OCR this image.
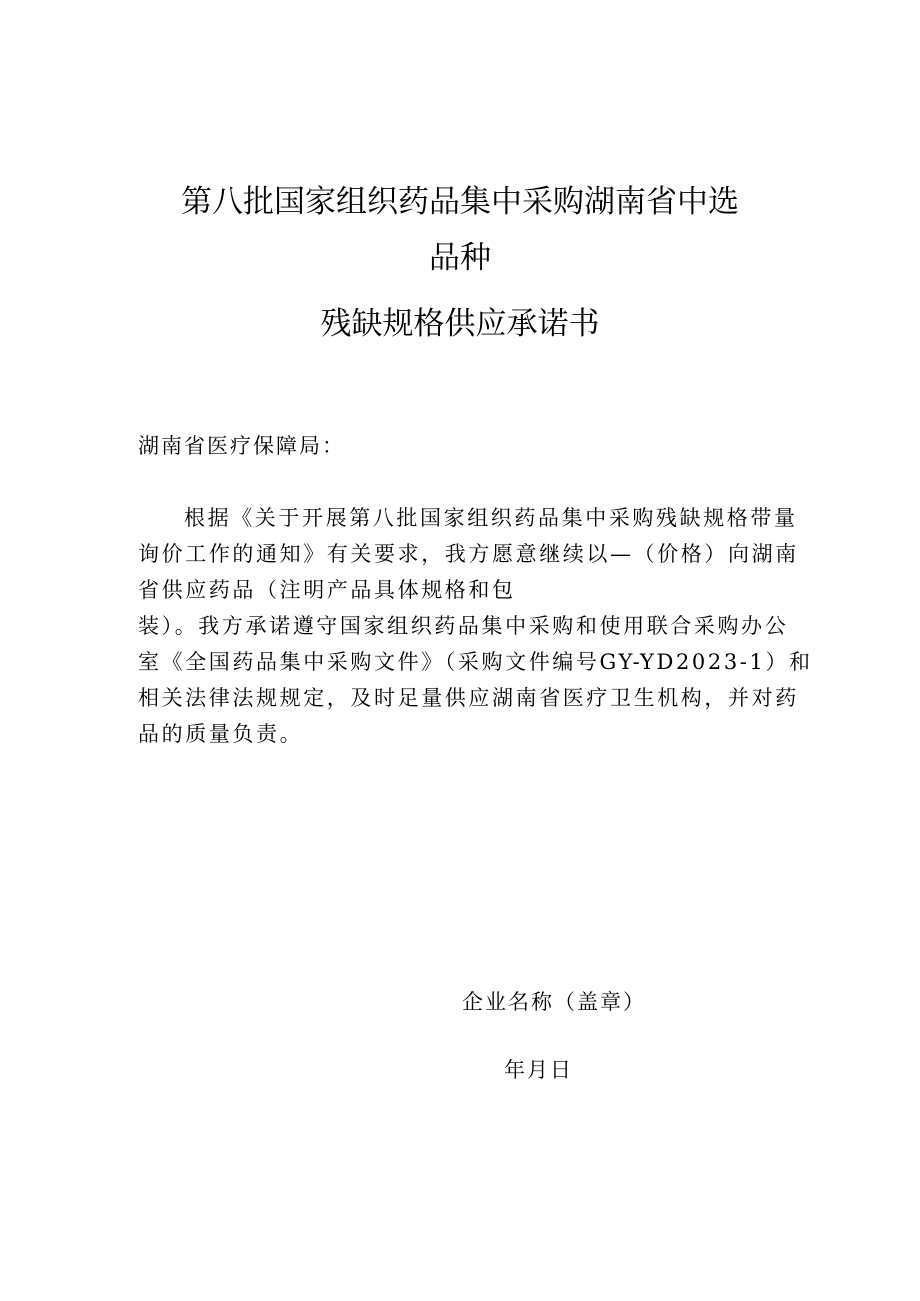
第八批国家组织药品集中采购湖南省中选
品种
残缺规格供应承诺书
湖南省医疗保障局：
根据《关于开展第八批国家组织药品集中采购残缺规格带量
询价工作的通知》有关要求，我方愿意继续以—（价格）向湖南
省供应药品（注明产品具体规格和包
装）。我方承诺遵守国家组织药品集中采购和使用联合采购办公
室《全国药品集中采购文件》（采购文件编号GY-YD2023-1）和
相关法律法规规定，及时足量供应湖南省医疗卫生机构，并对药
品的质量负责。
企业名称（盖章）
年月日
